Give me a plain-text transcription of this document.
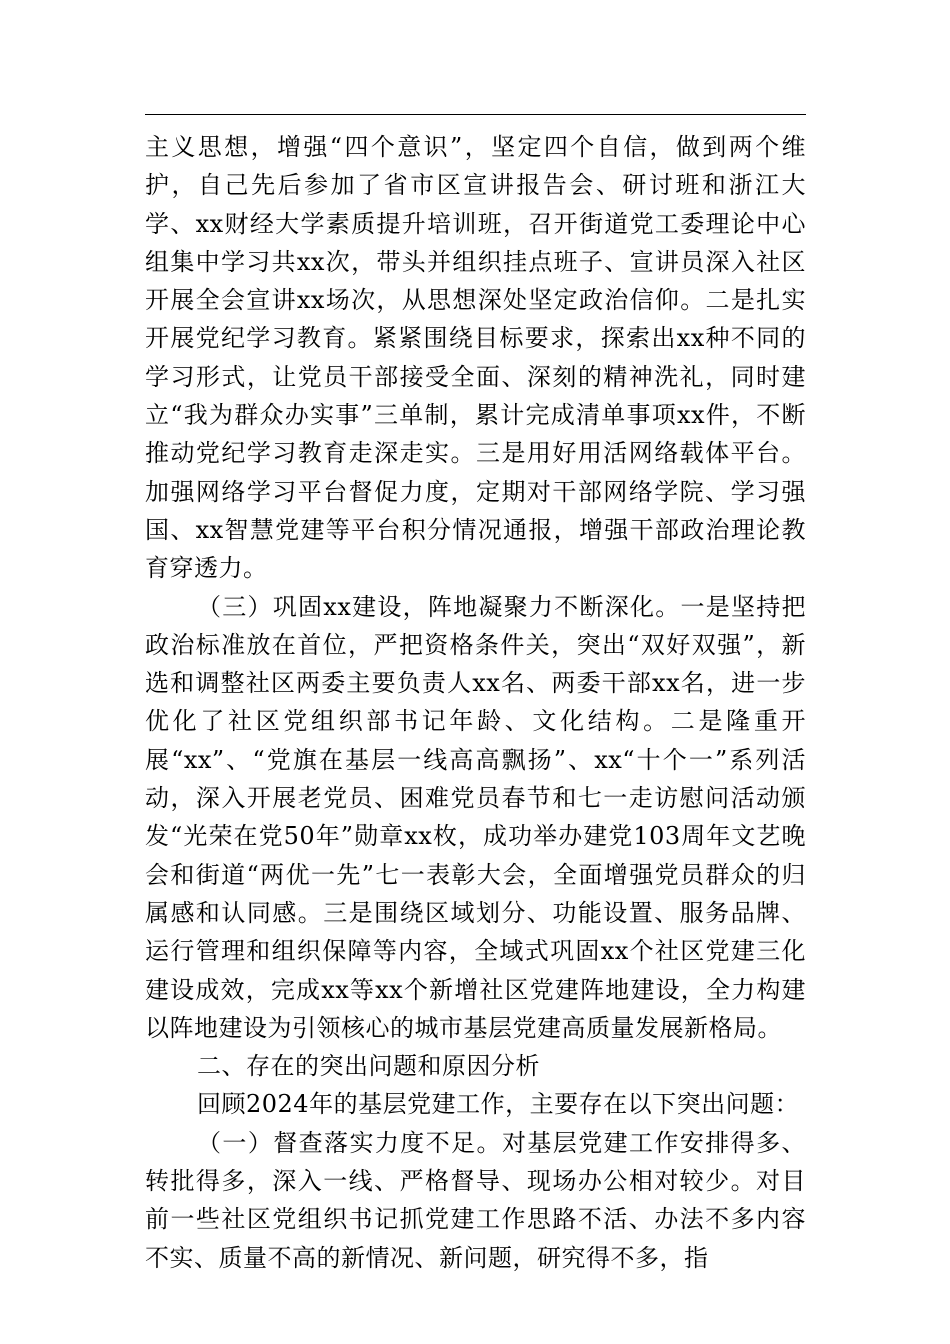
主义思想，增强“四个意识”，坚定四个自信，做到两个维护，自己先后参加了省市区宣讲报告会、研讨班和浙江大学、xx财经大学素质提升培训班，召开街道党工委理论中心组集中学习共xx次，带头并组织挂点班子、宣讲员深入社区开展全会宣讲xx场次，从思想深处坚定政治信仰。二是扎实开展党纪学习教育。紧紧围绕目标要求，探索出xx种不同的学习形式，让党员干部接受全面、深刻的精神洗礼，同时建立“我为群众办实事”三单制，累计完成清单事项xx件，不断推动党纪学习教育走深走实。三是用好用活网络载体平台。加强网络学习平台督促力度，定期对干部网络学院、学习强国、xx智慧党建等平台积分情况通报，增强干部政治理论教育穿透力。

（三）巩固xx建设，阵地凝聚力不断深化。一是坚持把政治标准放在首位，严把资格条件关，突出“双好双强”，新选和调整社区两委主要负责人xx名、两委干部xx名，进一步优化了社区党组织部书记年龄、文化结构。二是隆重开展“xx”、“党旗在基层一线高高飘扬”、xx“十个一”系列活动，深入开展老党员、困难党员春节和七一走访慰问活动颁发“光荣在党50年”勋章xx枚，成功举办建党103周年文艺晚会和街道“两优一先”七一表彰大会，全面增强党员群众的归属感和认同感。三是围绕区域划分、功能设置、服务品牌、运行管理和组织保障等内容，全域式巩固xx个社区党建三化建设成效，完成xx等xx个新增社区党建阵地建设，全力构建以阵地建设为引领核心的城市基层党建高质量发展新格局。

二、存在的突出问题和原因分析

回顾2024年的基层党建工作，主要存在以下突出问题：

（一）督查落实力度不足。对基层党建工作安排得多、转批得多，深入一线、严格督导、现场办公相对较少。对目前一些社区党组织书记抓党建工作思路不活、办法不多内容不实、质量不高的新情况、新问题，研究得不多，指
